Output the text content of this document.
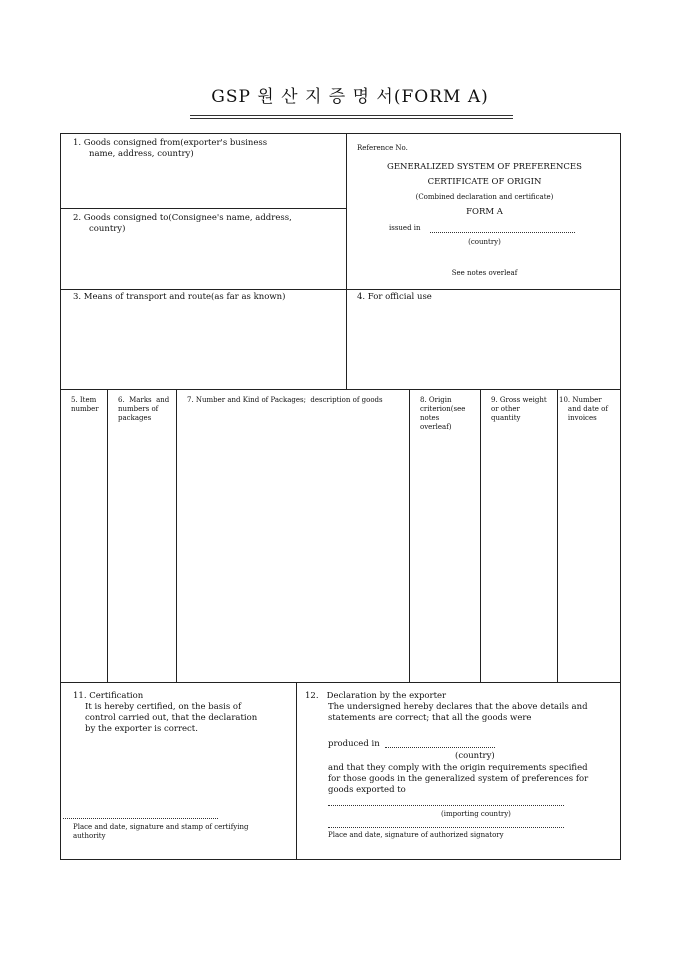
GSP 원 산 지 증 명 서(FORM A)
1. Goods consigned from(exporter's business
name, address, country)
2. Goods consigned to(Consignee's name, address,
country)
Reference No.
GENERALIZED SYSTEM OF PREFERENCES
CERTIFICATE OF ORIGIN
(Combined declaration and certificate)
FORM A
issued in
(country)
See notes overleaf
3. Means of transport and route(as far as known)	4. For official use
5. Item
number
6.  Marks  and
numbers of
packages
7. Number and Kind of Packages;  description of goods	8. Origin
criterion(see
notes
overleaf)
9. Gross weight
or other
quantity
10. Number
and date of
invoices
11. Certification
It is hereby certified, on the basis of
control carried out, that the declaration
by the exporter is correct.
Place and date, signature and stamp of certifying
authority
12.   Declaration by the exporter
The undersigned hereby declares that the above details and
statements are correct; that all the goods were
produced in
(country)
and that they comply with the origin requirements specified
for those goods in the generalized system of preferences for
goods exported to
(importing country)
Place and date, signature of authorized signatory
